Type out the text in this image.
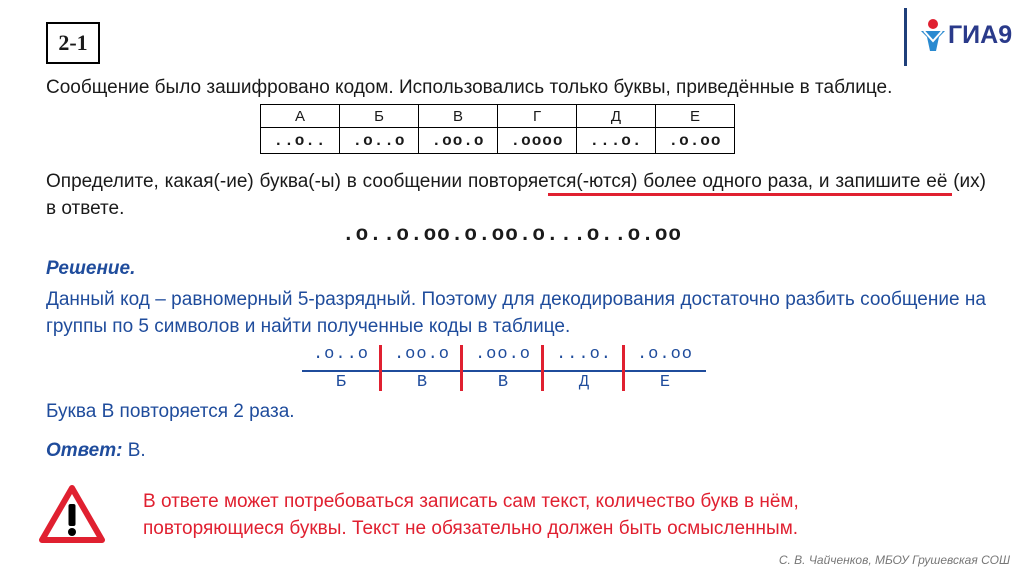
2-1	ГИА9
Сообщение было зашифровано кодом. Использовались только буквы, приведённые в таблице.
А	Б	В	Г	Д	Е
..o..	.o..o	.oo.o	.oooo	...o.	.o.oo
Определите, какая(-ие) буква(-ы) в сообщении повторяется(-ются) более одного раза, и запишите её (их) в ответе.
.o..o.oo.o.oo.o...o..o.oo
Решение.
Данный код – равномерный 5-разрядный. Поэтому для декодирования достаточно разбить сообщение на группы по 5 символов и найти полученные коды в таблице.
.o..o	.oo.o	.oo.o	...o.	.o.oo
Б	В	В	Д	Е
Буква В повторяется 2 раза.
Ответ: В.
В ответе может потребоваться записать сам текст, количество букв в нём, повторяющиеся буквы. Текст не обязательно должен быть осмысленным.
С. В. Чайченков, МБОУ Грушевская СОШ
